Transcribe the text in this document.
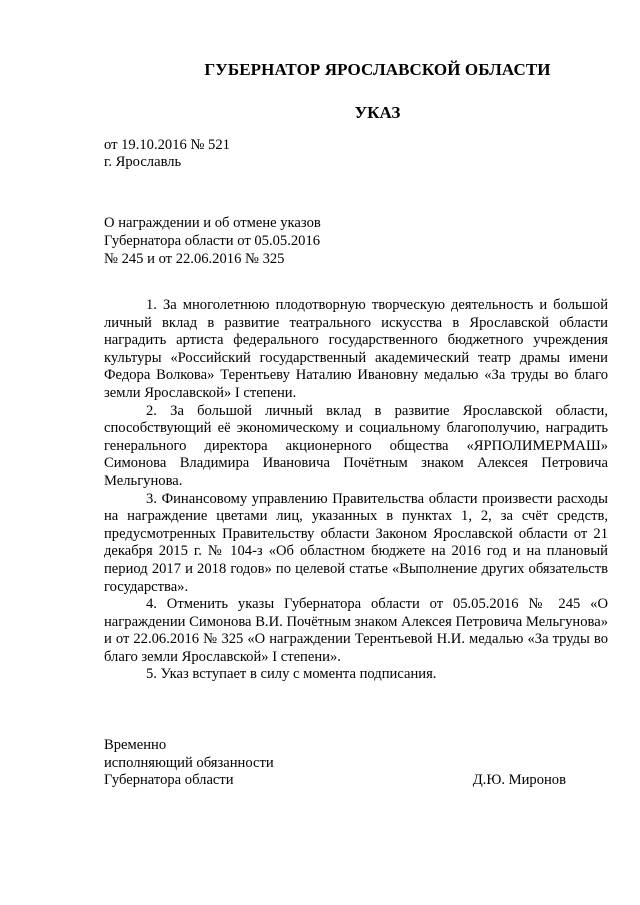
ГУБЕРНАТОР ЯРОСЛАВСКОЙ ОБЛАСТИ
УКАЗ

от 19.10.2016 № 521

г. Ярославль

О награждении и об отмене указов
Губернатора области от 05.05.2016
№ 245 и от 22.06.2016 № 325

1. За многолетнюю плодотворную творческую деятельность и большой личный вклад в развитие театрального искусства в Ярославской области наградить артиста федерального государственного бюджетного учреждения культуры «Российский государственный академический театр драмы имени Федора Волкова» Терентьеву Наталию Ивановну медалью «За труды во благо земли Ярославской» I степени.

2. За большой личный вклад в развитие Ярославской области, способствующий её экономическому и социальному благополучию, наградить генерального директора акционерного общества «ЯРПОЛИМЕРМАШ» Симонова Владимира Ивановича Почётным знаком Алексея Петровича Мельгунова.

3. Финансовому управлению Правительства области произвести расходы на награждение цветами лиц, указанных в пунктах 1, 2, за счёт средств, предусмотренных Правительству области Законом Ярославской области от 21 декабря 2015 г. № 104-з «Об областном бюджете на 2016 год и на плановый период 2017 и 2018 годов» по целевой статье «Выполнение других обязательств государства».

4. Отменить указы Губернатора области от 05.05.2016 № 245 «О награждении Симонова В.И. Почётным знаком Алексея Петровича Мельгунова» и от 22.06.2016 № 325 «О награждении Терентьевой Н.И. медалью «За труды во благо земли Ярославской» I степени».

5. Указ вступает в силу с момента подписания.

Временно
исполняющий обязанности
Губернатора области	Д.Ю. Миронов
